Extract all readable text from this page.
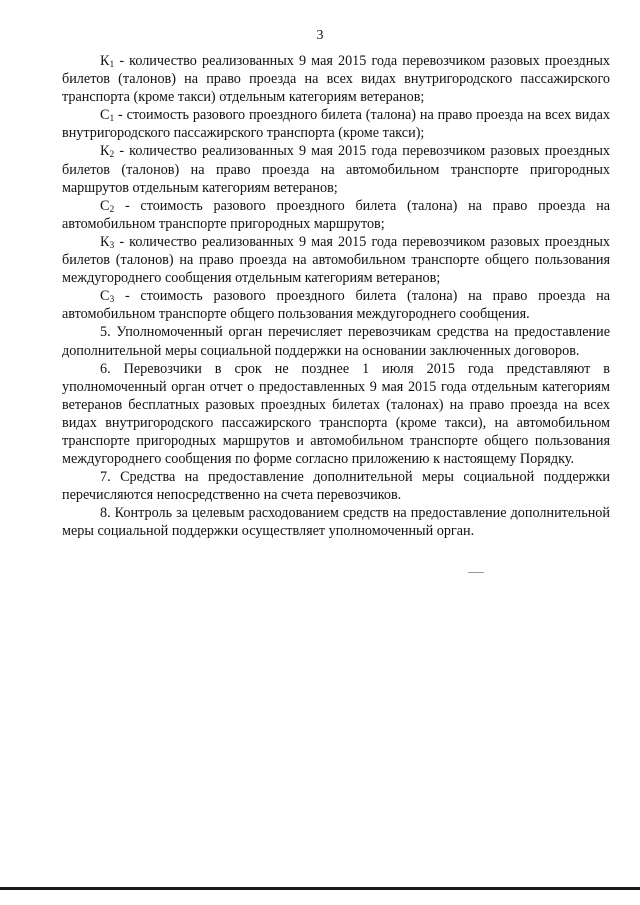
3

$К_1$ - количество реализованных 9 мая 2015 года перевозчиком разовых проездных билетов (талонов) на право проезда на всех видах внутригородского пассажирского транспорта (кроме такси) отдельным категориям ветеранов;

$С_1$ - стоимость разового проездного билета (талона) на право проезда на всех видах внутригородского пассажирского транспорта (кроме такси);

$К_2$ - количество реализованных 9 мая 2015 года перевозчиком разовых проездных билетов (талонов) на право проезда на автомобильном транспорте пригородных маршрутов отдельным категориям ветеранов;

$С_2$ - стоимость разового проездного билета (талона) на право проезда на автомобильном транспорте пригородных маршрутов;

$К_3$ - количество реализованных 9 мая 2015 года перевозчиком разовых проездных билетов (талонов) на право проезда на автомобильном транспорте общего пользования междугороднего сообщения отдельным категориям ветеранов;

$С_3$ - стоимость разового проездного билета (талона) на право проезда на автомобильном транспорте общего пользования междугороднего сообщения.

5. Уполномоченный орган перечисляет перевозчикам средства на предоставление дополнительной меры социальной поддержки на основании заключенных договоров.

6. Перевозчики в срок не позднее 1 июля 2015 года представляют в уполномоченный орган отчет о предоставленных 9 мая 2015 года отдельным категориям ветеранов бесплатных разовых проездных билетах (талонах) на право проезда на всех видах внутригородского пассажирского транспорта (кроме такси), на автомобильном транспорте пригородных маршрутов и автомобильном транспорте общего пользования междугороднего сообщения по форме согласно приложению к настоящему Порядку.

7. Средства на предоставление дополнительной меры социальной поддержки перечисляются непосредственно на счета перевозчиков.

8. Контроль за целевым расходованием средств на предоставление дополнительной меры социальной поддержки осуществляет уполномоченный орган.
